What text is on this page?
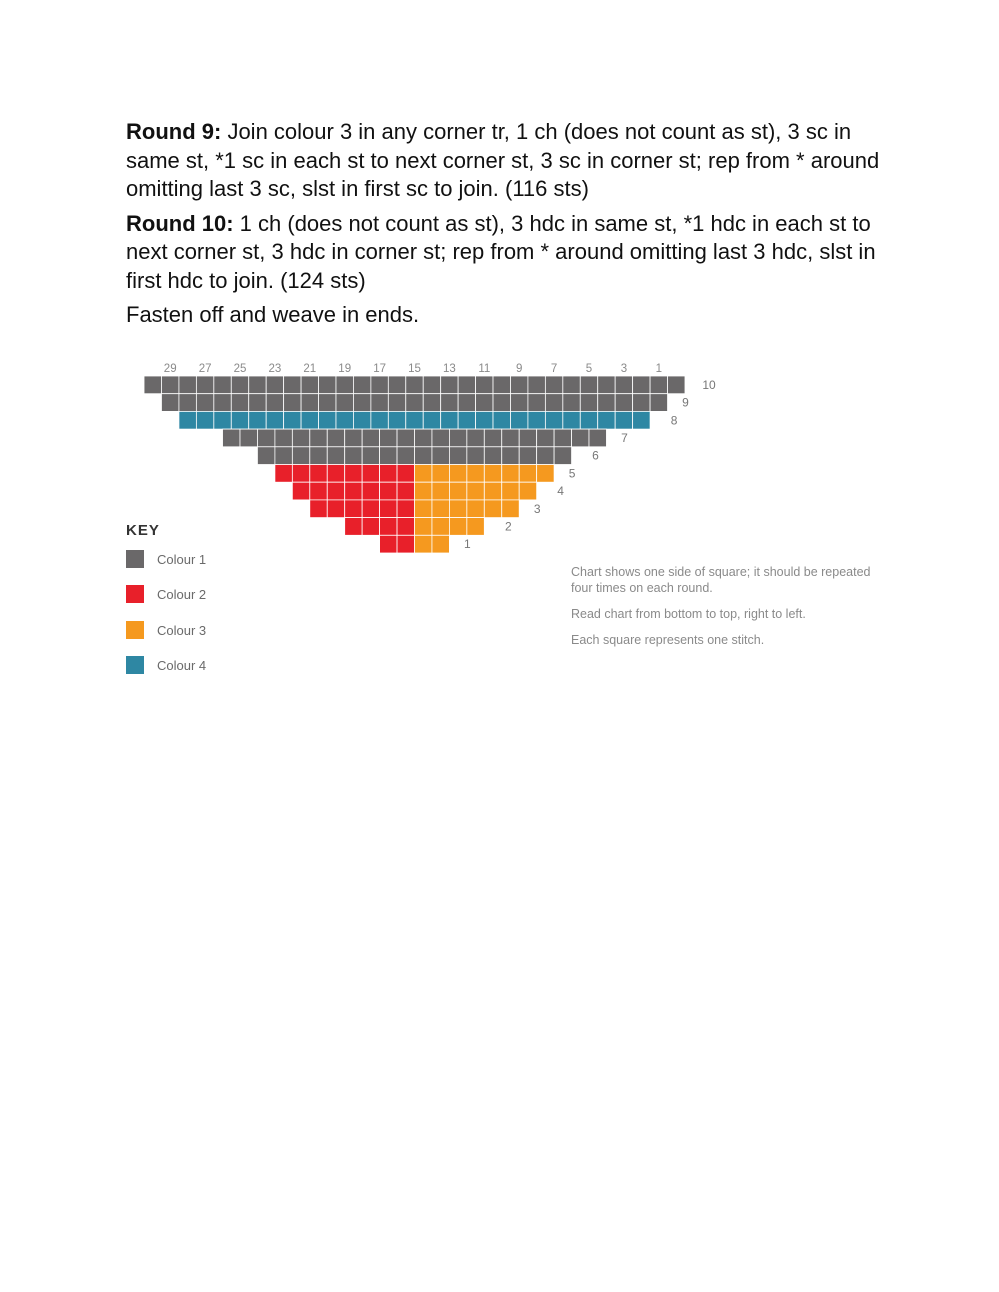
Round 9: Join colour 3 in any corner tr, 1 ch (does not count as st), 3 sc in same st, *1 sc in each st to next corner st, 3 sc in corner st; rep from * around omitting last 3 sc, slst in first sc to join. (116 sts)

Round 10: 1 ch (does not count as st), 3 hdc in same st, *1 hdc in each st to next corner st, 3 hdc in corner st; rep from * around omitting last 3 hdc, slst in first hdc to join. (124 sts)

Fasten off and weave in ends.

29 27 25 23 21 19 17 15 13 11 9 7 5 3 1
10
9
8
7
6
5
4
3
2
1
KEY
Colour 1
Colour 2
Colour 3
Colour 4

Chart shows one side of square; it should be repeated four times on each round.

Read chart from bottom to top, right to left.

Each square represents one stitch.
